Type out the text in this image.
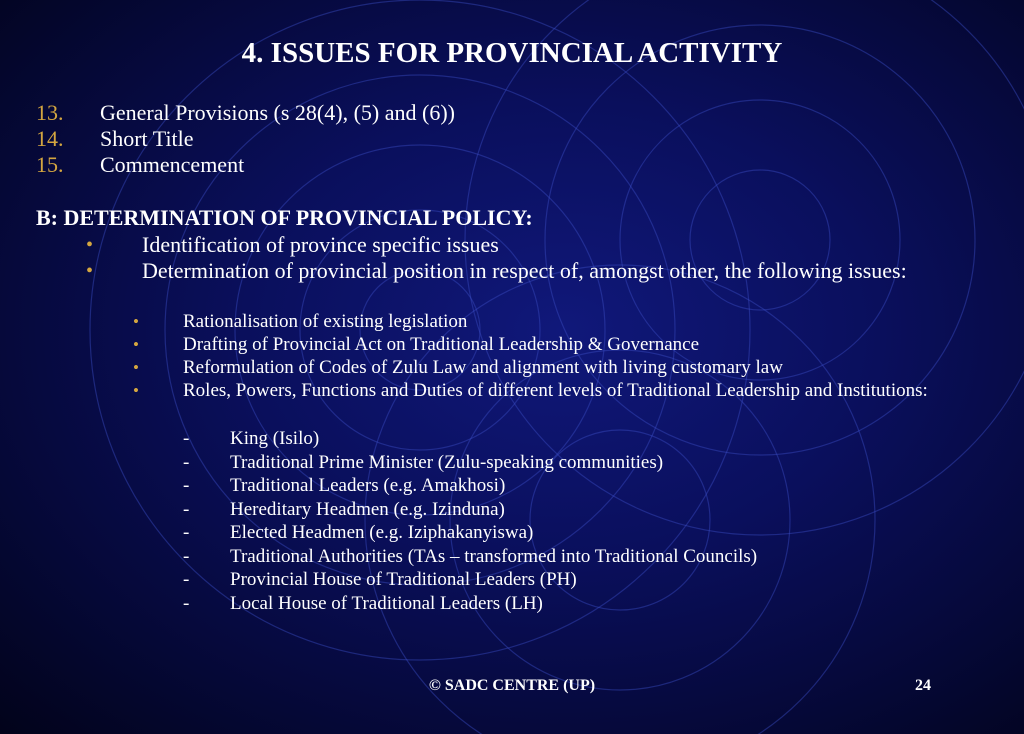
4. ISSUES FOR PROVINCIAL ACTIVITY
13.	General Provisions (s 28(4), (5) and (6))
14.	Short Title
15.	Commencement
B: DETERMINATION OF PROVINCIAL POLICY:
•	Identification of province specific issues
•	Determination of provincial position in respect of, amongst other, the following issues:
•	Rationalisation of existing legislation
•	Drafting of Provincial Act on Traditional Leadership & Governance
•	Reformulation of Codes of Zulu Law and alignment with living customary law
•	Roles, Powers, Functions and Duties of different levels of Traditional Leadership and Institutions:
-	King (Isilo)
-	Traditional Prime Minister (Zulu-speaking communities)
-	Traditional Leaders (e.g. Amakhosi)
-	Hereditary Headmen (e.g. Izinduna)
-	Elected Headmen (e.g. Iziphakanyiswa)
-	Traditional Authorities (TAs – transformed into Traditional Councils)
-	Provincial House of Traditional Leaders (PH)
-	Local House of Traditional Leaders (LH)
© SADC CENTRE (UP)	24
